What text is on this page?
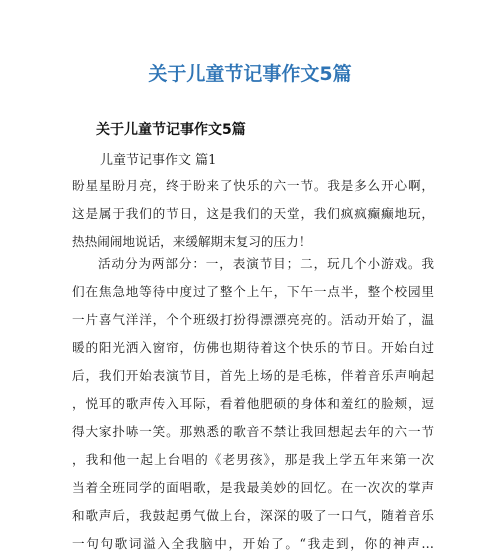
关于儿童节记事作文5篇
关于儿童节记事作文5篇
儿童节记事作文 篇1
盼星星盼月亮，终于盼来了快乐的六一节。我是多么开心啊，
这是属于我们的节日，这是我们的天堂，我们疯疯癫癫地玩，
热热闹闹地说话，来缓解期末复习的压力！
活动分为两部分：一，表演节目；二，玩几个小游戏。我
们在焦急地等待中度过了整个上午，下午一点半，整个校园里
一片喜气洋洋，个个班级打扮得漂漂亮亮的。活动开始了，温
暖的阳光洒入窗帘，仿佛也期待着这个快乐的节日。开始白过
后，我们开始表演节目，首先上场的是毛栋，伴着音乐声响起
，悦耳的歌声传入耳际，看着他肥硕的身体和羞红的脸颊，逗
得大家扑哧一笑。那熟悉的歌音不禁让我回想起去年的六一节
，我和他一起上台唱的《老男孩》，那是我上学五年来第一次
当着全班同学的面唱歌，是我最美妙的回忆。在一次次的掌声
和歌声后，我鼓起勇气做上台，深深的吸了一口气，随着音乐
一句句歌词溢入全我脑中，开始了。“我走到，你的神声…
